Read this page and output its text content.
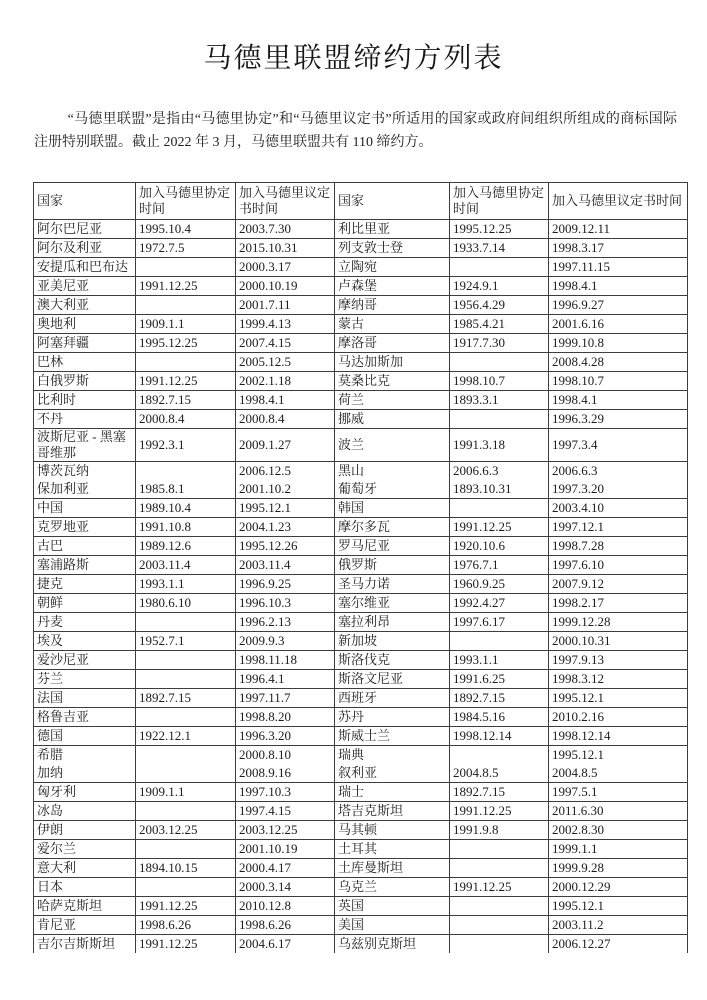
马德里联盟缔约方列表

“马德里联盟”是指由“马德里协定”和“马德里议定书”所适用的国家或政府间组织所组成的商标国际注册特别联盟。截止 2022 年 3 月，马德里联盟共有 110 缔约方。

国家	加入马德里协定时间	加入马德里议定书时间	国家	加入马德里协定时间	加入马德里议定书时间
阿尔巴尼亚	1995.10.4	2003.7.30	利比里亚	1995.12.25	2009.12.11
阿尔及利亚	1972.7.5	2015.10.31	列支敦士登	1933.7.14	1998.3.17
安提瓜和巴布达		2000.3.17	立陶宛		1997.11.15
亚美尼亚	1991.12.25	2000.10.19	卢森堡	1924.9.1	1998.4.1
澳大利亚		2001.7.11	摩纳哥	1956.4.29	1996.9.27
奥地利	1909.1.1	1999.4.13	蒙古	1985.4.21	2001.6.16
阿塞拜疆	1995.12.25	2007.4.15	摩洛哥	1917.7.30	1999.10.8
巴林		2005.12.5	马达加斯加		2008.4.28
白俄罗斯	1991.12.25	2002.1.18	莫桑比克	1998.10.7	1998.10.7
比利时	1892.7.15	1998.4.1	荷兰	1893.3.1	1998.4.1
不丹	2000.8.4	2000.8.4	挪威		1996.3.29
波斯尼亚 - 黑塞哥维那	1992.3.1	2009.1.27	波兰	1991.3.18	1997.3.4
博茨瓦纳		2006.12.5	黑山	2006.6.3	2006.6.3
保加利亚	1985.8.1	2001.10.2	葡萄牙	1893.10.31	1997.3.20
中国	1989.10.4	1995.12.1	韩国		2003.4.10
克罗地亚	1991.10.8	2004.1.23	摩尔多瓦	1991.12.25	1997.12.1
古巴	1989.12.6	1995.12.26	罗马尼亚	1920.10.6	1998.7.28
塞浦路斯	2003.11.4	2003.11.4	俄罗斯	1976.7.1	1997.6.10
捷克	1993.1.1	1996.9.25	圣马力诺	1960.9.25	2007.9.12
朝鲜	1980.6.10	1996.10.3	塞尔维亚	1992.4.27	1998.2.17
丹麦		1996.2.13	塞拉利昂	1997.6.17	1999.12.28
埃及	1952.7.1	2009.9.3	新加坡		2000.10.31
爱沙尼亚		1998.11.18	斯洛伐克	1993.1.1	1997.9.13
芬兰		1996.4.1	斯洛文尼亚	1991.6.25	1998.3.12
法国	1892.7.15	1997.11.7	西班牙	1892.7.15	1995.12.1
格鲁吉亚		1998.8.20	苏丹	1984.5.16	2010.2.16
德国	1922.12.1	1996.3.20	斯威士兰	1998.12.14	1998.12.14
希腊		2000.8.10	瑞典		1995.12.1
加纳		2008.9.16	叙利亚	2004.8.5	2004.8.5
匈牙利	1909.1.1	1997.10.3	瑞士	1892.7.15	1997.5.1
冰岛		1997.4.15	塔吉克斯坦	1991.12.25	2011.6.30
伊朗	2003.12.25	2003.12.25	马其顿	1991.9.8	2002.8.30
爱尔兰		2001.10.19	土耳其		1999.1.1
意大利	1894.10.15	2000.4.17	土库曼斯坦		1999.9.28
日本		2000.3.14	乌克兰	1991.12.25	2000.12.29
哈萨克斯坦	1991.12.25	2010.12.8	英国		1995.12.1
肯尼亚	1998.6.26	1998.6.26	美国		2003.11.2
吉尔吉斯斯坦	1991.12.25	2004.6.17	乌兹别克斯坦		2006.12.27
